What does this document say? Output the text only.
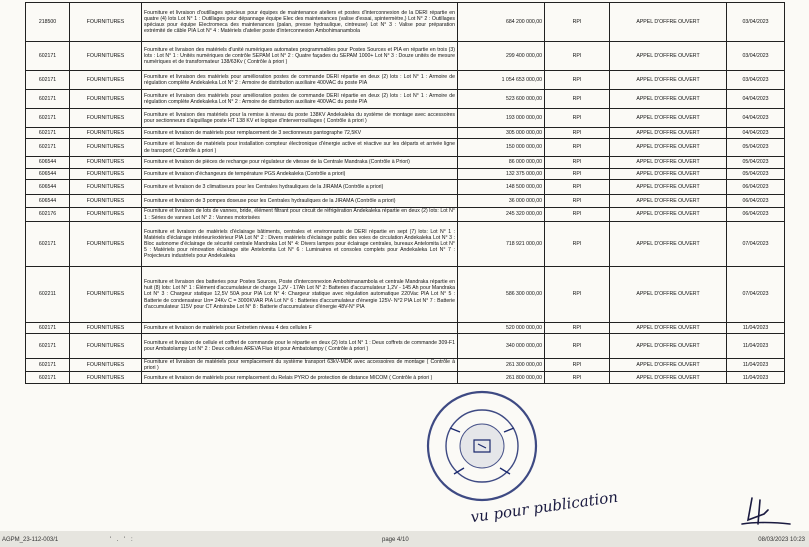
218500	FOURNITURES	Fourniture et livraison d'outillages spécieux pour équipes de maintenance ateliers et postes d'interconnexion de la DERI répartie en quatre (4) lots Lot N° 1 : Outillages pour dépannage équipe Elec des maintenances (valise d'essai, spintermètre,) Lot N° 2 : Outillages spéciaux pour équipe Electromeca des maintenances (palan, presse hydraulique, cintreuse) Lot N° 3 : Valise pour préparation extrémité de câble PIA Lot N° 4 : Matériels d'atelier poste d'interconnexion Ambohimanambola	684 200 000,00	RPI	APPEL D'OFFRE OUVERT	03/04/2023
602171	FOURNITURES	Fourniture et livraison des matériels d'unité numériques automates programmables pour Postes Sources et PIA en répartie en trois (3) lots : Lot N° 1 : Unités numériques de contrôle SEPAM Lot N° 2 : Quatre façades du SEPAM 1000+ Lot N° 3 : Douze unités de mesure numériques et de transformateur 138/63Kv ( Contrôle à priori )	299 400 000,00	RPI	APPEL D'OFFRE OUVERT	03/04/2023
602171	FOURNITURES	Fourniture et livraison des matériels pour amélioration postes de commande DERI répartie en deux (2) lots : Lot N° 1 : Armoire de régulation complète Andekaleka Lot N° 2 : Armoire de distribution auxiliaire 400VAC du poste PIA	1 054 653 000,00	RPI	APPEL D'OFFRE OUVERT	03/04/2023
602171	FOURNITURES	Fourniture et livraison des matériels pour amélioration postes de commande DERI répartie en deux (2) lots : Lot N° 1 : Armoire de régulation complète Andekaleka Lot N° 2 : Armoire de distribution auxiliaire 400VAC du poste PIA	523 600 000,00	RPI	APPEL D'OFFRE OUVERT	04/04/2023
602171	FOURNITURES	Fourniture et livraison des matériels pour la remise à niveau du poste 138KV Andekaleka du système de montage avec accessoires pour sectionneurs d'aiguillage poste HT 138 KV et logique d'interverrouillages ( Contrôle à priori )	193 000 000,00	RPI	APPEL D'OFFRE OUVERT	04/04/2023
602171	FOURNITURES	Fourniture et livraison de matériels pour remplacement de 3 sectionneurs pantographe 72,5KV	305 000 000,00	RPI	APPEL D'OFFRE OUVERT	04/04/2023
602171	FOURNITURES	Fourniture et livraison de matériels pour installation compteur électronique d'énergie active et réactive sur les départs et arrivée ligne de transport ( Contrôle à priori )	150 000 000,00	RPI	APPEL D'OFFRE OUVERT	05/04/2023
606544	FOURNITURES	Fourniture et livraison de pièces de rechange pour régulateur de vitesse de la Centrale Mandraka (Contrôle à Priori)	86 000 000,00	RPI	APPEL D'OFFRE OUVERT	05/04/2023
606544	FOURNITURES	Fourniture et livraison d'échangeurs de température PGS Andekaleka (Contrôle a priori)	132 375 000,00	RPI	APPEL D'OFFRE OUVERT	05/04/2023
606544	FOURNITURES	Fourniture et livraison de 3 climatiseurs pour les Centrales hydrauliques de la JIRAMA (Contrôle a priori)	148 500 000,00	RPI	APPEL D'OFFRE OUVERT	06/04/2023
606544	FOURNITURES	Fourniture et livraison de 3 pompes doseuse pour les Centrales hydrauliques de la JIRAMA (Contrôle a priori)	36 000 000,00	RPI	APPEL D'OFFRE OUVERT	06/04/2023
602176	FOURNITURES	Fourniture et livraison de lots de vannes, bride, élément filtrant pour circuit de réfrigération Andekaleka répartie en deux (2) lots: Lot N° 1 : Séries de vannes Lot N° 2 : Vannes motorisées	245 320 000,00	RPI	APPEL D'OFFRE OUVERT	06/04/2023
602171	FOURNITURES	Fourniture et livraison de matériels d'éclairage bâtiments, centrales et environnants de DERI répartie en sept (7) lots: Lot N° 1 : Matériels d'éclairage intérieur/extérieur PIA Lot N° 2 : Divers matériels d'éclairage public des voies de circulation Andekaleka Lot N° 3 : Bloc autonome d'éclairage de sécurité centrale Mandraka Lot N° 4: Divers lampes pour éclairage centrales, bureaux Antelomita Lot N° 5 : Matériels pour rénovation éclairage site Antelomita Lot N° 6 : Luminaires et consoles complets pour Andekaleka Lot N° 7 : Projecteurs industriels pour Andekaleka	718 921 000,00	RPI	APPEL D'OFFRE OUVERT	07/04/2023
602211	FOURNITURES	Fourniture et livraison des batteries pour Postes Sources, Poste d'interconnexion Ambohimanambola et centrale Mandraka répartie en huit (8) lots: Lot N° 1 : Élément d'accumulateur de charge 1,2V - 17Ah Lot N° 2: Batteries d'accumulateur 1,2V - 145 Ah pour Mandraka Lot N° 3 : Chargeur statique 12,5V 50A pour PIA Lot N° 4: Chargeur statique avec régulation automatique 220Vac PIA Lot N° 5 : Batterie de condensateur Un= 24Kv C = 3000KVAR PIA Lot N° 6 : Batteries d'accumulateur d'énergie 125V- N°2 PIA Lot N° 7 : Batterie d'accumulateur 115V pour CT Antsirabe Lot N° 8 : Batterie d'accumulateur d'énergie 48V-N° PIA	586 300 000,00	RPI	APPEL D'OFFRE OUVERT	07/04/2023
602171	FOURNITURES	Fourniture et livraison de matériels pour Entretien niveau 4 des cellules F	520 000 000,00	RPI	APPEL D'OFFRE OUVERT	11/04/2023
602171	FOURNITURES	Fourniture et livraison de cellule et coffret de commande pour le répartie en deux (2) lots Lot N° 1 : Deux coffrets de commande 309-F1 pour Ambatolampy Lot N° 2 : Deux cellules AREVA Fluo kit pour Ambatolampy ( Contrôle à priori )	340 000 000,00	RPI	APPEL D'OFFRE OUVERT	11/04/2023
602171	FOURNITURES	Fourniture et livraison de matériels pour remplacement du système transport 63kV-MDK avec accessoires de montage ( Contrôle à priori )	261 300 000,00	RPI	APPEL D'OFFRE OUVERT	11/04/2023
602171	FOURNITURES	Fourniture et livraison de matériels pour remplacement du Relais PYRO de protection de distance MICOM ( Contrôle à priori )	261 800 000,00	RPI	APPEL D'OFFRE OUVERT	11/04/2023
vu pour publication
AGPM_23-112-003/1	' . ' :	page 4/10	08/03/2023 10:23
